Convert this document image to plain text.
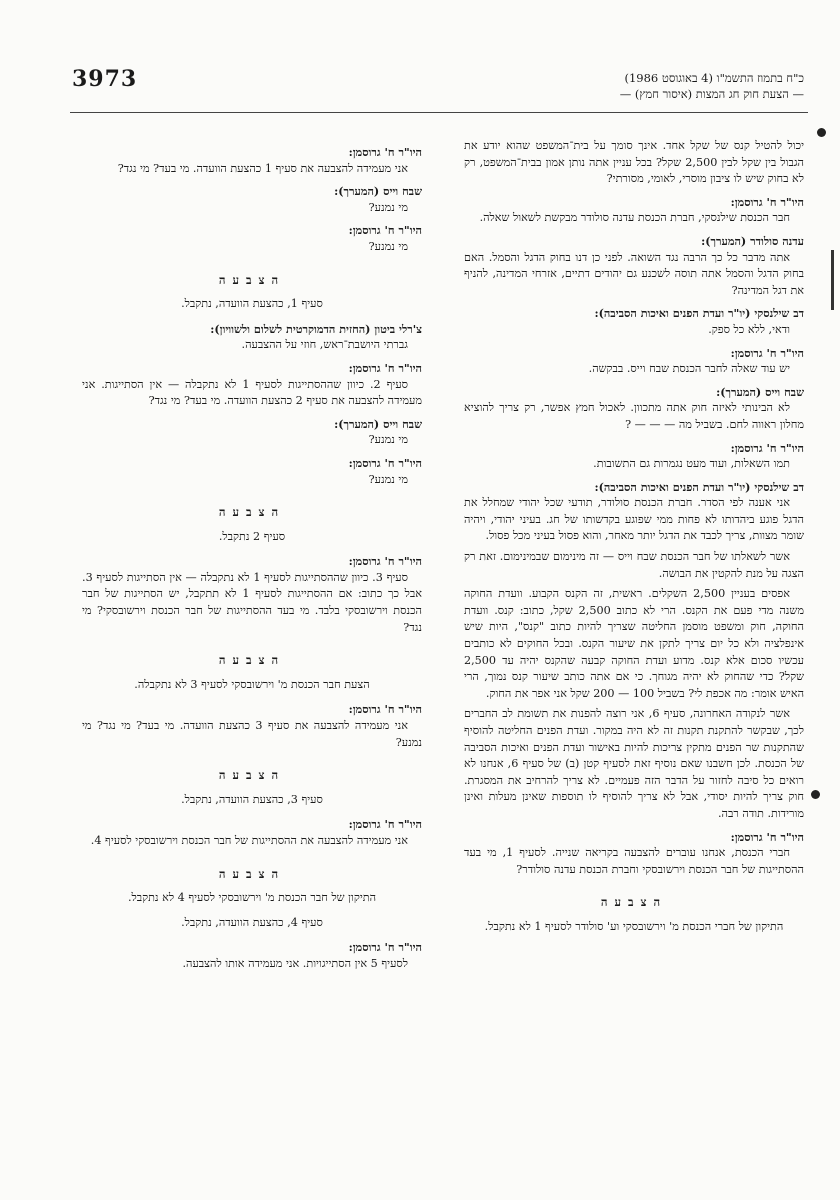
3973	כ"ח בתמוז התשמ"ו (4 באוגוסט 1986)
— הצעת חוק חג המצות (איסור חמץ) —
יכול להטיל קנס של שקל אחד. אינך סומך על בית־המשפט שהוא יודע את הגבול בין שקל לבין 2,500 שקל? בכל עניין אתה נותן אמון בבית־המשפט, רק לא בחוק שיש לו ציבון מוסרי, לאומי, מסורתי?
היו"ר ח' גרוסמן:
חבר הכנסת שילנסקי, חברת הכנסת עדנה סולודר מבקשת לשאול שאלה.
עדנה סולודר (המערך):
אתה מדבר כל כך הרבה נגד השואה. לפני כן דנו בחוק הדגל והסמל. האם בחוק הדגל והסמל אתה תוסה לשכנע גם יהודים דתיים, אזרחי המדינה, להניף את דגל המדינה?
דב שילנסקי (יו"ר ועדת הפנים ואיכות הסביבה):
ודאי, ללא כל ספק.
היו"ר ח' גרוסמן:
יש עוד שאלה לחבר הכנסת שבח וייס. בבקשה.
שבח וייס (המערך):
לא הבינותי לאיזה חוק אתה מתכוון. לאכול חמץ אפשר, רק צריך להוציא מחלון ראווה לחם. בשביל מה — — — ?
היו"ר ח' גרוסמן:
תמו השאלות, ועוד מעט נגמרות גם התשובות.
דב שילנסקי (יו"ר ועדת הפנים ואיכות הסביבה):
אני אענה לפי הסדר. חברת הכנסת סולודר, תודעי שכל יהודי שמחלל את הדגל פוגע ביהדותו לא פחות ממי שפוגע בקדשותו של חג. בעיני יהודי, ויהיה שומר מצוות, צריך לכבד את הדגל יותר מאחר, והוא פסול בעיני מכל פסול.
אשר לשאלתו של חבר הכנסת שבח וייס — זה מינימום שבמינימום. זאת רק הצגה על מנת להקטין את הבושה.
אפסים בעניין 2,500 השקלים. ראשית, זה הקנס הקבוע. וועדת החוקה משנה מדי פעם את הקנס. הרי לא כתוב 2,500 שקל, כתוב: קנס. וועדת החוקה, חוק ומשפט מוסמן החליטה שצריך להיות כתוב "קנס", היות שיש אינפלציה ולא כל יום צריך לתקן את שיעור הקנס. ובכל החוקים לא כותבים עכשיו סכום אלא קנס. מדוע ועדת החוקה קבעה שהקנס יהיה עד 2,500 שקל? כדי שהחוק לא יהיה מגוחך. כי אם אתה כותב שיעור קנס נמוך, הרי האיש אומר: מה אכפת לי? בשביל 100 — 200 שקל אני אפר את החוק.
אשר לנקודה האחרונה, סעיף 6, אני רוצה להפנות את תשומת לב החברים לכך, שבקשר להתקנת תקנות זה לא היה במקור. ועדת הפנים החליטה להוסיף שהתקנות שר הפנים מתקין צריכות להיות באישור ועדת הפנים ואיכות הסביבה של הכנסת. לכן חשבנו שאם נוסיף זאת לסעיף קטן (ב) של סעיף 6, אנחנו לא רואים כל סיבה לחזור על הדבר הזה פעמיים. לא צריך להרחיב את המסגרת. חוק צריך להיות יסודי, אבל לא צריך להוסיף לו תוספות שאינן מעלות ואינן מורידות. תודה רבה.
היו"ר ח' גרוסמן:
חברי הכנסת, אנחנו עוברים להצבעה בקריאה שנייה. לסעיף 1, מי בעד ההסתייגות של חבר הכנסת וירשובסקי וחברת הכנסת עדנה סולודר?
הצבעה
התיקון של חברי הכנסת מ' וירשובסקי וע' סולודר לסעיף 1 לא נתקבל.
היו"ר ח' גרוסמן:
אני מעמידה להצבעה את סעיף 1 כהצעת הוועדה. מי בעד? מי נגד?
שבח וייס (המערך):
מי נמנע?
היו"ר ח' גרוסמן:
מי נמנע?
הצבעה
סעיף 1, כהצעת הוועדה, נתקבל.
צ'רלי ביטון (החזית הדמוקרטית לשלום ולשוויון):
גברתי היושבת־ראש, חוזי על ההצבעה.
היו"ר ח' גרוסמן:
סעיף 2. כיוון שההסתייגות לסעיף 1 לא נתקבלה — אין הסתייגות. אני מעמידה להצבעה את סעיף 2 כהצעת הוועדה. מי בעד? מי נגד?
שבח וייס (המערך):
מי נמנע?
היו"ר ח' גרוסמן:
מי נמנע?
הצבעה
סעיף 2 נתקבל.
היו"ר ח' גרוסמן:
סעיף 3. כיוון שההסתייגות לסעיף 1 לא נתקבלה — אין הסתייגות לסעיף 3. אבל כך כתוב: אם ההסתייגות לסעיף 1 לא תתקבל, יש הסתייגות של חבר הכנסת וירשובסקי בלבד. מי בעד ההסתייגות של חבר הכנסת וירשובסקי? מי נגד?
הצבעה
הצעת חבר הכנסת מ' וירשובסקי לסעיף 3 לא נתקבלה.
היו"ר ח' גרוסמן:
אני מעמידה להצבעה את סעיף 3 כהצעת הוועדה. מי בעד? מי נגד? מי נמנע?
הצבעה
סעיף 3, כהצעת הוועדה, נתקבל.
היו"ר ח' גרוסמן:
אני מעמידה להצבעה את ההסתייגות של חבר הכנסת וירשובסקי לסעיף 4.
הצבעה
התיקון של חבר הכנסת מ' וירשובסקי לסעיף 4 לא נתקבל.
סעיף 4, כהצעת הוועדה, נתקבל.
היו"ר ח' גרוסמן:
לסעיף 5 אין הסתייגויות. אני מעמידה אותו להצבעה.
